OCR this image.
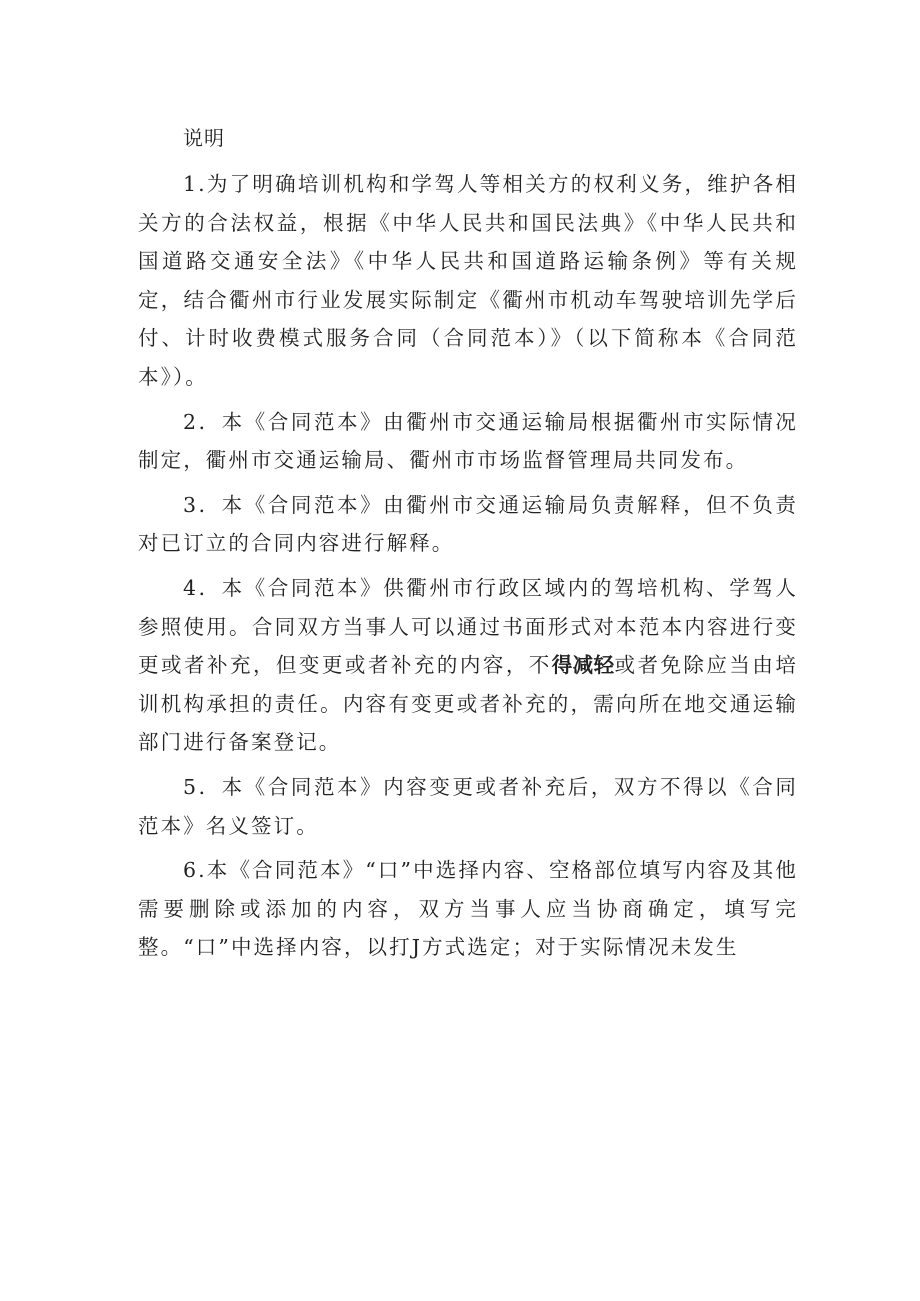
说明

1.为了明确培训机构和学驾人等相关方的权利义务，维护各相关方的合法权益，根据《中华人民共和国民法典》《中华人民共和国道路交通安全法》《中华人民共和国道路运输条例》等有关规定，结合衢州市行业发展实际制定《衢州市机动车驾驶培训先学后付、计时收费模式服务合同（合同范本）》（以下简称本《合同范本》）。

2．本《合同范本》由衢州市交通运输局根据衢州市实际情况制定，衢州市交通运输局、衢州市市场监督管理局共同发布。

3．本《合同范本》由衢州市交通运输局负责解释，但不负责对已订立的合同内容进行解释。

4．本《合同范本》供衢州市行政区域内的驾培机构、学驾人参照使用。合同双方当事人可以通过书面形式对本范本内容进行变更或者补充，但变更或者补充的内容，不得减轻或者免除应当由培训机构承担的责任。内容有变更或者补充的，需向所在地交通运输部门进行备案登记。

5．本《合同范本》内容变更或者补充后，双方不得以《合同范本》名义签订。

6.本《合同范本》“口”中选择内容、空格部位填写内容及其他需要删除或添加的内容，双方当事人应当协商确定，填写完整。“口”中选择内容，以打J方式选定；对于实际情况未发生
